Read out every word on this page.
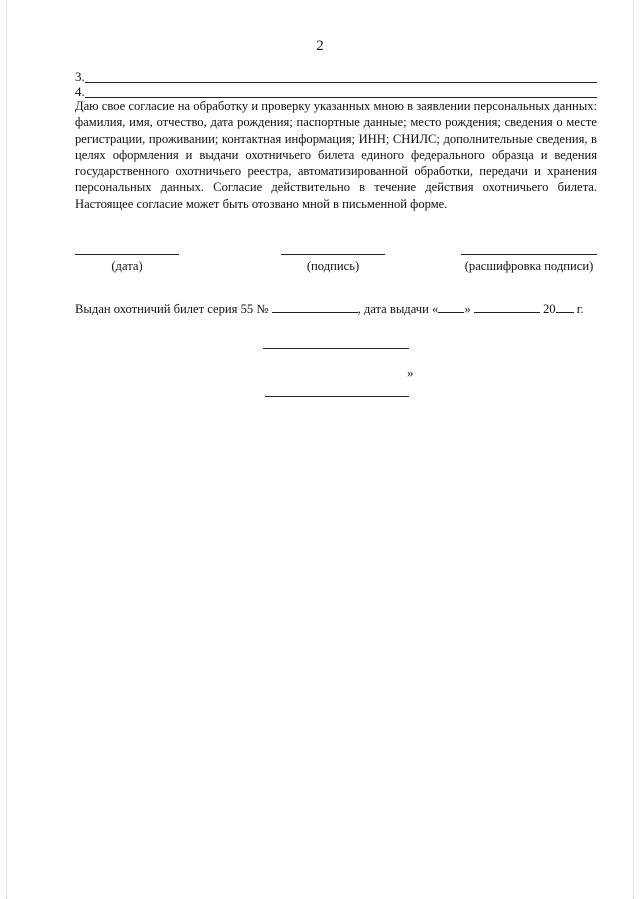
2
3.
4.

Даю свое согласие на обработку и проверку указанных мною в заявлении персональных данных: фамилия, имя, отчество, дата рождения; паспортные данные; место рождения; сведения о месте регистрации, проживании; контактная информация; ИНН; СНИЛС; дополнительные сведения, в целях оформления и выдачи охотничьего билета единого федерального образца и ведения государственного охотничьего реестра, автоматизированной обработки, передачи и хранения персональных данных. Согласие действительно в течение действия охотничьего билета. Настоящее согласие может быть отозвано мной в письменной форме.

(дата)	(подпись)	(расшифровка подписи)
Выдан охотничий билет серия 55 №	, дата выдачи « »	20 г.
»
